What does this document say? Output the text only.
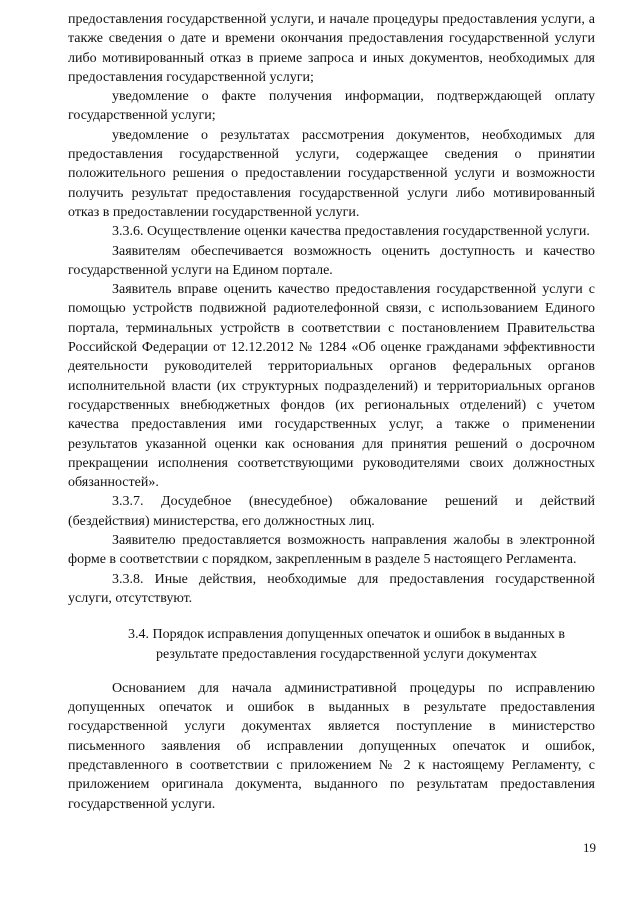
предоставления государственной услуги, и начале процедуры предоставления услуги, а также сведения о дате и времени окончания предоставления государственной услуги либо мотивированный отказ в приеме запроса и иных документов, необходимых для предоставления государственной услуги;

уведомление о факте получения информации, подтверждающей оплату государственной услуги;

уведомление о результатах рассмотрения документов, необходимых для предоставления государственной услуги, содержащее сведения о принятии положительного решения о предоставлении государственной услуги и возможности получить результат предоставления государственной услуги либо мотивированный отказ в предоставлении государственной услуги.

3.3.6. Осуществление оценки качества предоставления государственной услуги.

Заявителям обеспечивается возможность оценить доступность и качество государственной услуги на Едином портале.

Заявитель вправе оценить качество предоставления государственной услуги с помощью устройств подвижной радиотелефонной связи, с использованием Единого портала, терминальных устройств в соответствии с постановлением Правительства Российской Федерации от 12.12.2012 № 1284 «Об оценке гражданами эффективности деятельности руководителей территориальных органов федеральных органов исполнительной власти (их структурных подразделений) и территориальных органов государственных внебюджетных фондов (их региональных отделений) с учетом качества предоставления ими государственных услуг, а также о применении результатов указанной оценки как основания для принятия решений о досрочном прекращении исполнения соответствующими руководителями своих должностных обязанностей».

3.3.7. Досудебное (внесудебное) обжалование решений и действий (бездействия) министерства, его должностных лиц.

Заявителю предоставляется возможность направления жалобы в электронной форме в соответствии с порядком, закрепленным в разделе 5 настоящего Регламента.

3.3.8. Иные действия, необходимые для предоставления государственной услуги, отсутствуют.

3.4. Порядок исправления допущенных опечаток и ошибок в выданных в результате предоставления государственной услуги документах

Основанием для начала административной процедуры по исправлению допущенных опечаток и ошибок в выданных в результате предоставления государственной услуги документах является поступление в министерство письменного заявления об исправлении допущенных опечаток и ошибок, представленного в соответствии с приложением № 2 к настоящему Регламенту, с приложением оригинала документа, выданного по результатам предоставления государственной услуги.

19
